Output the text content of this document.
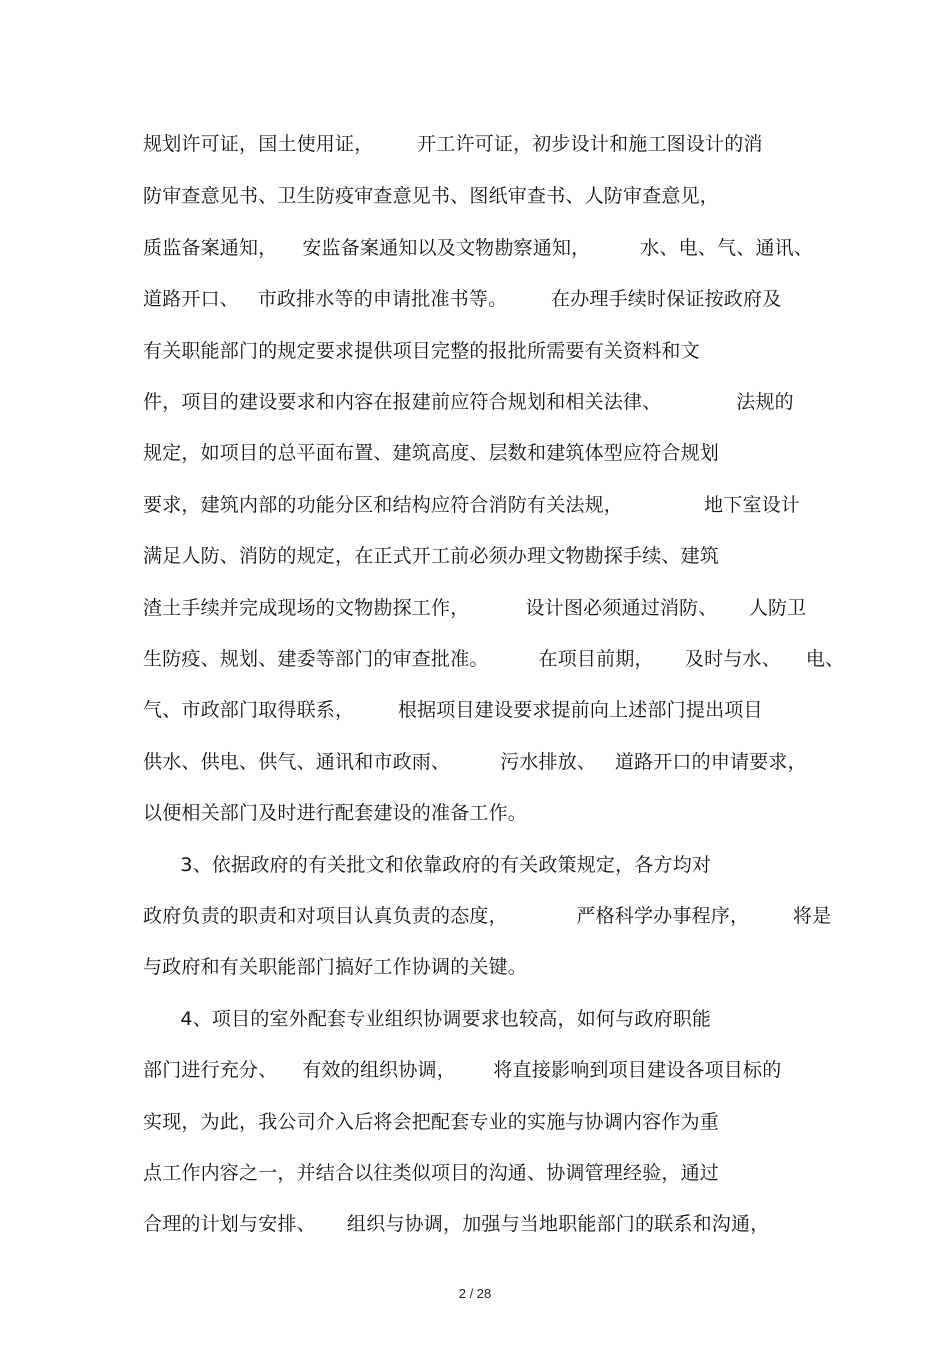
规划许可证，国土使用证，       开工许可证，初步设计和施工图设计的消
防审查意见书、卫生防疫审查意见书、图纸审查书、人防审查意见，
质监备案通知，    安监备案通知以及文物勘察通知，        水、电、气、通讯、
道路开口、   市政排水等的申请批准书等。       在办理手续时保证按政府及
有关职能部门的规定要求提供项目完整的报批所需要有关资料和文
件，项目的建设要求和内容在报建前应符合规划和相关法律、            法规的
规定，如项目的总平面布置、建筑高度、层数和建筑体型应符合规划
要求，建筑内部的功能分区和结构应符合消防有关法规，             地下室设计
满足人防、消防的规定，在正式开工前必须办理文物勘探手续、建筑
渣土手续并完成现场的文物勘探工作，         设计图必须通过消防、     人防卫
生防疫、规划、建委等部门的审查批准。        在项目前期，     及时与水、    电、
气、市政部门取得联系，       根据项目建设要求提前向上述部门提出项目
供水、供电、供气、通讯和市政雨、        污水排放、   道路开口的申请要求，
以便相关部门及时进行配套建设的准备工作。
3、依据政府的有关批文和依靠政府的有关政策规定，各方均对
政府负责的职责和对项目认真负责的态度，           严格科学办事程序，       将是
与政府和有关职能部门搞好工作协调的关键。
4、项目的室外配套专业组织协调要求也较高，如何与政府职能
部门进行充分、    有效的组织协调，      将直接影响到项目建设各项目标的
实现，为此，我公司介入后将会把配套专业的实施与协调内容作为重
点工作内容之一，并结合以往类似项目的沟通、协调管理经验，通过
合理的计划与安排、     组织与协调，加强与当地职能部门的联系和沟通，
2 / 28
